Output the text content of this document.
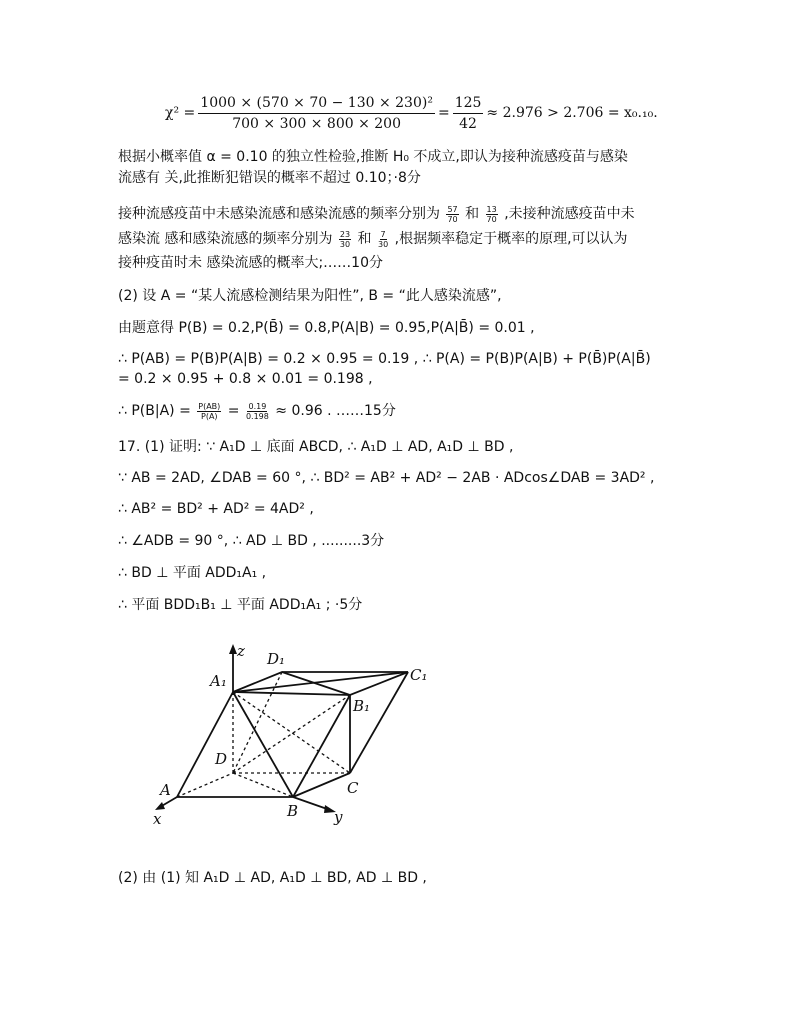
$\chi^2 = \frac{\text{1000 × (570 × 70 − 130 × 230)²}}{700 \times 300 \times 800 \times 200} = \frac{125}{42} \approx 2.976 > 2.706 = x_0._{10}$.
根据小概率值 α = 0.10 的独立性检验,推断 H₀ 不成立,即认为接种流感疫苗与感染
流感有 关,此推断犯错误的概率不超过 0.10；·8分
接种流感疫苗中未感染流感和感染流感的频率分别为 $\frac{57}{70}$ 和 $\frac{13}{70}$ ,未接种流感疫苗中未
感染流 感和感染流感的频率分别为 $\frac{23}{30}$ 和 $\frac{7}{30}$ ,根据频率稳定于概率的原理,可以认为
接种疫苗时未 感染流感的概率大;……10分
(2) 设 A = “某人流感检测结果为阳性”, B = “此人感染流感”,
由题意得 P(B) = 0.2,P(B̄) = 0.8,P(A|B) = 0.95,P(A|B̄) = 0.01 ,
∴ P(AB) = P(B)P(A|B) = 0.2 × 0.95 = 0.19 , ∴ P(A) = P(B)P(A|B) + P(B̄)P(A|B̄)
= 0.2 × 0.95 + 0.8 × 0.01 = 0.198 ,
∴ $P(B|A) = \frac{P(AB)}{P(A)} = \frac{0.19}{0.198} \approx 0.96$ . ……15分
17. (1) 证明: ∵ A₁D ⊥ 底面 ABCD, ∴ A₁D ⊥ AD, A₁D ⊥ BD ,
∵ AB = 2AD, ∠DAB = 60 °, ∴ BD² = AB² + AD² − 2AB · ADcos∠DAB = 3AD² ,
∴ AB² = BD² + AD² = 4AD² ,
∴ ∠ADB = 90 °, ∴ AD ⊥ BD , .........3分
∴ BD ⊥ 平面 ADD₁A₁ ,
∴ 平面 BDD₁B₁ ⊥ 平面 ADD₁A₁ ; ·5分
z D₁
C₁
A₁
B₁
D
A	C
B
x	y
(2) 由 (1) 知 A₁D ⊥ AD, A₁D ⊥ BD, AD ⊥ BD ,
